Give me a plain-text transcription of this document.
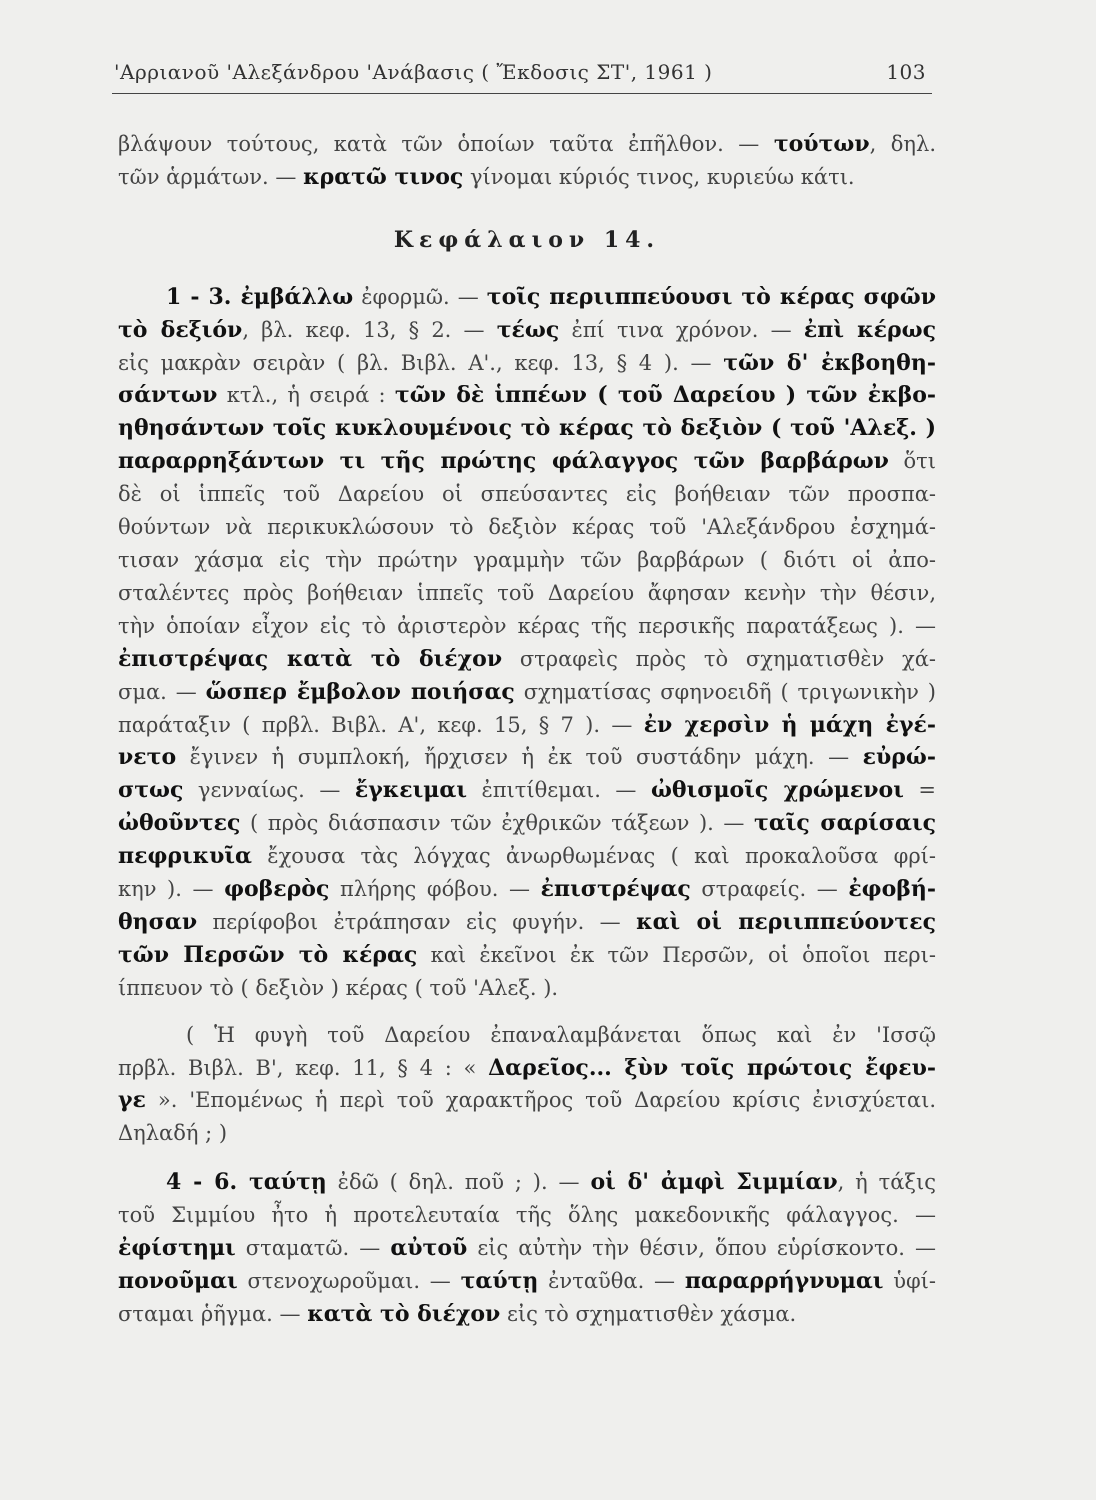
'Αρριανοῦ 'Αλεξάνδρου 'Ανάβασις ( Ἔκδοσις ΣΤ', 1961 )	103
βλάψουν τούτους, κατὰ τῶν ὁποίων ταῦτα ἐπῆλθον. — τούτων, δηλ.
τῶν ἁρμάτων. — κρατῶ τινος γίνομαι κύριός τινος, κυριεύω κάτι.
Κεφάλαιον 14.
1 - 3. ἐμβάλλω ἐφορμῶ. — τοῖς περιιππεύουσι τὸ κέρας σφῶν
τὸ δεξιόν, βλ. κεφ. 13, § 2. — τέως ἐπί τινα χρόνον. — ἐπὶ κέρως
εἰς μακρὰν σειρὰν ( βλ. Βιβλ. Α'., κεφ. 13, § 4 ). — τῶν δ' ἐκβοηθη-
σάντων κτλ., ἡ σειρά : τῶν δὲ ἱππέων ( τοῦ Δαρείου ) τῶν ἐκβο-
ηθησάντων τοῖς κυκλουμένοις τὸ κέρας τὸ δεξιὸν ( τοῦ 'Αλεξ. )
παραρρηξάντων τι τῆς πρώτης φάλαγγος τῶν βαρβάρων ὅτι
δὲ οἱ ἱππεῖς τοῦ Δαρείου οἱ σπεύσαντες εἰς βοήθειαν τῶν προσπα-
θούντων νὰ περικυκλώσουν τὸ δεξιὸν κέρας τοῦ 'Αλεξάνδρου ἐσχημά-
τισαν χάσμα εἰς τὴν πρώτην γραμμὴν τῶν βαρβάρων ( διότι οἱ ἀπο-
σταλέντες πρὸς βοήθειαν ἱππεῖς τοῦ Δαρείου ἄφησαν κενὴν τὴν θέσιν,
τὴν ὁποίαν εἶχον εἰς τὸ ἀριστερὸν κέρας τῆς περσικῆς παρατάξεως ). —
ἐπιστρέψας κατὰ τὸ διέχον στραφεὶς πρὸς τὸ σχηματισθὲν χά-
σμα. — ὥσπερ ἔμβολον ποιήσας σχηματίσας σφηνοειδῆ ( τριγωνικὴν )
παράταξιν ( πρβλ. Βιβλ. Α', κεφ. 15, § 7 ). — ἐν χερσὶν ἡ μάχη ἐγέ-
νετο ἔγινεν ἡ συμπλοκή, ἤρχισεν ἡ ἐκ τοῦ συστάδην μάχη. — εὐρώ-
στως γενναίως. — ἔγκειμαι ἐπιτίθεμαι. — ὠθισμοῖς χρώμενοι =
ὠθοῦντες ( πρὸς διάσπασιν τῶν ἐχθρικῶν τάξεων ). — ταῖς σαρίσαις
πεφρικυῖα ἔχουσα τὰς λόγχας ἀνωρθωμένας ( καὶ προκαλοῦσα φρί-
κην ). — φοβερὸς πλήρης φόβου. — ἐπιστρέψας στραφείς. — ἐφοβή-
θησαν περίφοβοι ἐτράπησαν εἰς φυγήν. — καὶ οἱ περιιππεύοντες
τῶν Περσῶν τὸ κέρας καὶ ἐκεῖνοι ἐκ τῶν Περσῶν, οἱ ὁποῖοι περι-
ίππευον τὸ ( δεξιὸν ) κέρας ( τοῦ 'Αλεξ. ).
( Ἡ φυγὴ τοῦ Δαρείου ἐπαναλαμβάνεται ὅπως καὶ ἐν 'Ισσῷ
πρβλ. Βιβλ. Β', κεφ. 11, § 4 : « Δαρεῖος... ξὺν τοῖς πρώτοις ἔφευ-
γε ». 'Επομένως ἡ περὶ τοῦ χαρακτῆρος τοῦ Δαρείου κρίσις ἐνισχύεται.
Δηλαδή ; )
4 - 6. ταύτῃ ἐδῶ ( δηλ. ποῦ ; ). — οἱ δ' ἀμφὶ Σιμμίαν, ἡ τάξις
τοῦ Σιμμίου ἦτο ἡ προτελευταία τῆς ὅλης μακεδονικῆς φάλαγγος. —
ἐφίστημι σταματῶ. — αὐτοῦ εἰς αὐτὴν τὴν θέσιν, ὅπου εὑρίσκοντο. —
πονοῦμαι στενοχωροῦμαι. — ταύτῃ ἐνταῦθα. — παραρρήγνυμαι ὑφί-
σταμαι ῥῆγμα. — κατὰ τὸ διέχον εἰς τὸ σχηματισθὲν χάσμα.
